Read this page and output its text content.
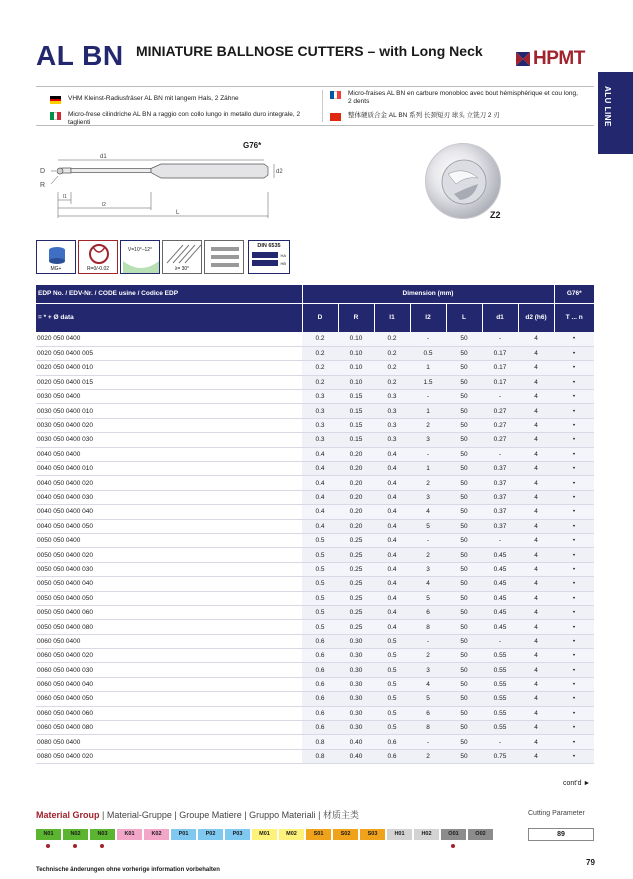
AL BN MINIATURE BALLNOSE CUTTERS – with Long Neck	HPMT
ALU LINE
VHM Kleinst-Radiusfräser AL BN mit langem Hals, 2 Zähne
Micro-frese cilindriche AL BN a raggio con collo lungo in metallo duro integrale, 2 taglienti
Micro-fraises AL BN en carbure monobloc avec bout hémisphérique et cou long, 2 dents
整体硬质合金 AL BN 系列 长颈短刃 球头 立铣刀 2 刃
D
R
d1
d2
l1
l2
L
G76*
Z2
MG+	R=0/-0.02
V=10°–12°
λ= 30°
DIN 6535
HA
HB
EDP No. / EDV-Nr. / CODE usine / Codice EDP	Dimension (mm)							G76*
= * + Ø data	D	R	l1	l2	L	d1	d2 (h6)	T ... n
0020 050 0400	0.2	0.10	0.2	-	50	-	4	•
0020 050 0400 005	0.2	0.10	0.2	0.5	50	0.17	4	•
0020 050 0400 010	0.2	0.10	0.2	1	50	0.17	4	•
0020 050 0400 015	0.2	0.10	0.2	1.5	50	0.17	4	•
0030 050 0400	0.3	0.15	0.3	-	50	-	4	•
0030 050 0400 010	0.3	0.15	0.3	1	50	0.27	4	•
0030 050 0400 020	0.3	0.15	0.3	2	50	0.27	4	•
0030 050 0400 030	0.3	0.15	0.3	3	50	0.27	4	•
0040 050 0400	0.4	0.20	0.4	-	50	-	4	•
0040 050 0400 010	0.4	0.20	0.4	1	50	0.37	4	•
0040 050 0400 020	0.4	0.20	0.4	2	50	0.37	4	•
0040 050 0400 030	0.4	0.20	0.4	3	50	0.37	4	•
0040 050 0400 040	0.4	0.20	0.4	4	50	0.37	4	•
0040 050 0400 050	0.4	0.20	0.4	5	50	0.37	4	•
0050 050 0400	0.5	0.25	0.4	-	50	-	4	•
0050 050 0400 020	0.5	0.25	0.4	2	50	0.45	4	•
0050 050 0400 030	0.5	0.25	0.4	3	50	0.45	4	•
0050 050 0400 040	0.5	0.25	0.4	4	50	0.45	4	•
0050 050 0400 050	0.5	0.25	0.4	5	50	0.45	4	•
0050 050 0400 060	0.5	0.25	0.4	6	50	0.45	4	•
0050 050 0400 080	0.5	0.25	0.4	8	50	0.45	4	•
0060 050 0400	0.6	0.30	0.5	-	50	-	4	•
0060 050 0400 020	0.6	0.30	0.5	2	50	0.55	4	•
0060 050 0400 030	0.6	0.30	0.5	3	50	0.55	4	•
0060 050 0400 040	0.6	0.30	0.5	4	50	0.55	4	•
0060 050 0400 050	0.6	0.30	0.5	5	50	0.55	4	•
0060 050 0400 060	0.6	0.30	0.5	6	50	0.55	4	•
0060 050 0400 080	0.6	0.30	0.5	8	50	0.55	4	•
0080 050 0400	0.8	0.40	0.6	-	50	-	4	•
0080 050 0400 020	0.8	0.40	0.6	2	50	0.75	4	•
cont'd ►
Material Group | Material-Gruppe | Groupe Matiere | Gruppo Materiali | 材质主类	Cutting Parameter
89
N01	N02	N03	K01	K02	P01	P02	P03	M01	M02	S01	S02	S03	H01	H02	O01	O02
Technische änderungen ohne vorherige information vorbehalten
79
